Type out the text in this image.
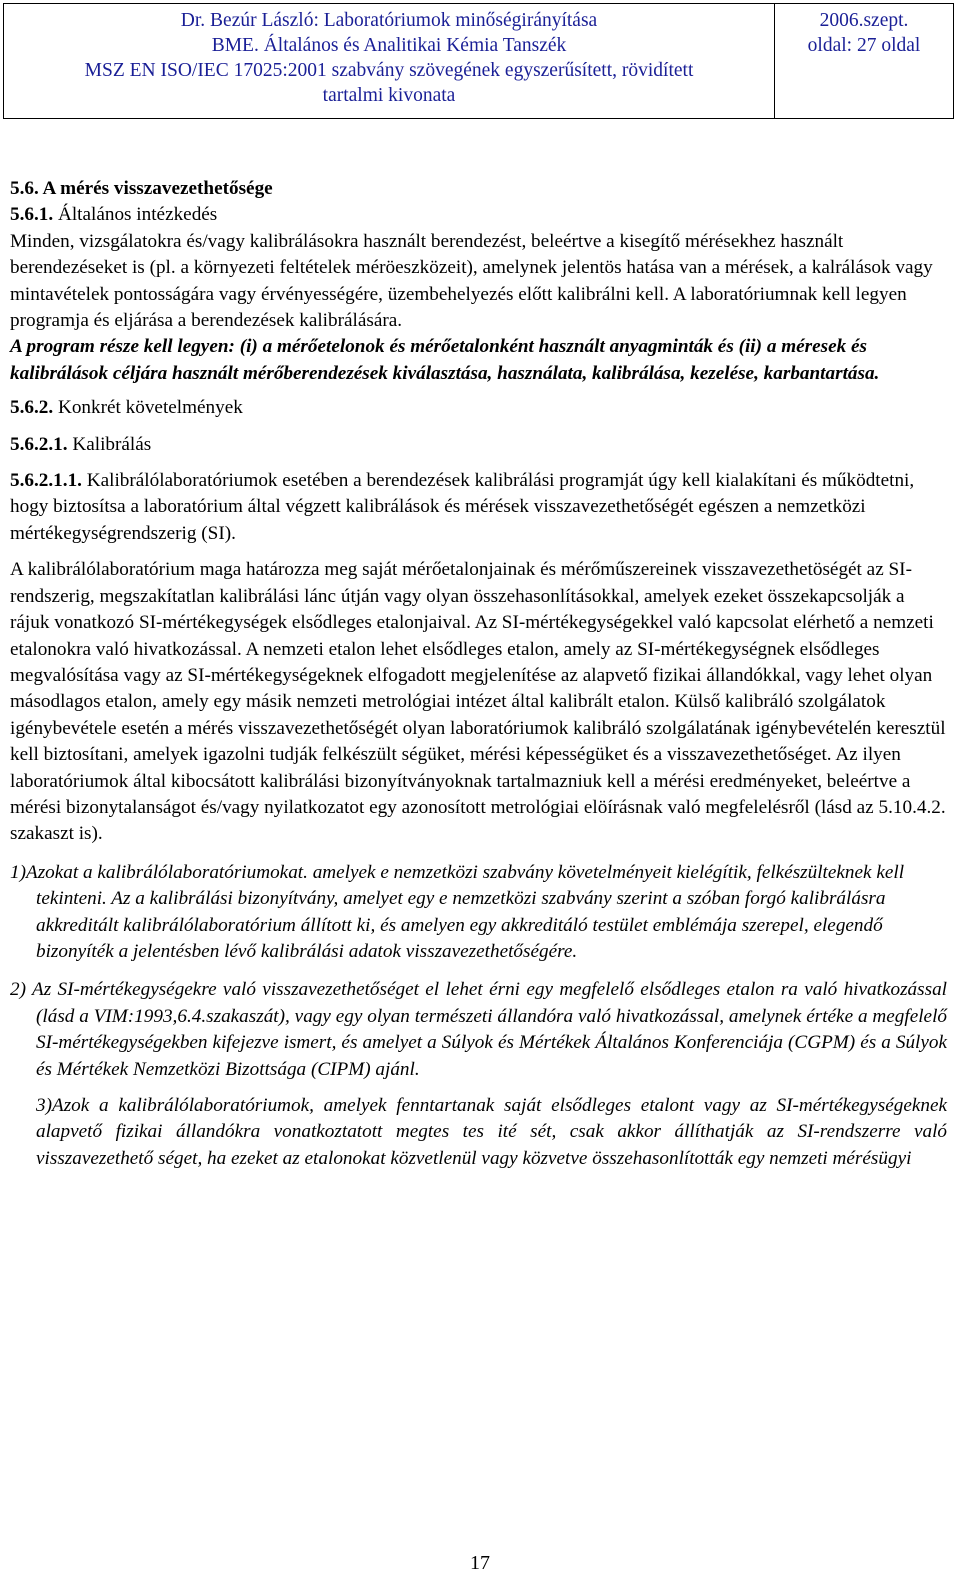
Dr. Bezúr László: Laboratóriumok minőségirányítása
BME. Általános és Analitikai Kémia Tanszék
MSZ EN ISO/IEC 17025:2001 szabvány szövegének egyszerűsített, rövidített
tartalmi kivonata
2006.szept.
oldal: 27 oldal

5.6. A mérés visszavezethetősége

5.6.1. Általános intézkedés

Minden, vizsgálatokra és/vagy kalibrálásokra használt berendezést, beleértve a kisegítő mérésekhez használt berendezéseket is (pl. a környezeti feltételek méröeszközeit), amelynek jelentös hatása van a mérések, a kalrálások vagy mintavételek pontosságára vagy érvényességére, üzembehelyezés előtt kalibrálni kell. A laboratóriumnak kell legyen programja és eljárása a berendezések kalibrálására.

A program része kell legyen: (i) a mérőetelonok és mérőetalonként használt anyagminták és (ii) a méresek és kalibrálások céljára használt mérőberendezések kiválasztása, használata, kalibrálása, kezelése, karbantartása.

5.6.2. Konkrét követelmények

5.6.2.1. Kalibrálás

5.6.2.1.1. Kalibrálólaboratóriumok esetében a berendezések kalibrálási programját úgy kell kialakítani és működtetni, hogy biztosítsa a laboratórium által végzett kalibrálások és mérések visszavezethetőségét egészen a nemzetközi mértékegységrendszerig (SI).

A kalibrálólaboratórium maga határozza meg saját mérőetalonjainak és mérőműszereinek visszavezethetöségét az SI-rendszerig, megszakítatlan kalibrálási lánc útján vagy olyan összehasonlításokkal, amelyek ezeket összekapcsolják a rájuk vonatkozó SI-mértékegységek elsődleges etalonjaival. Az SI-mértékegységekkel való kapcsolat elérhető a nemzeti etalonokra való hivatkozással. A nemzeti etalon lehet elsődleges etalon, amely az SI-mértékegységnek elsődleges megvalósítása vagy az SI-mértékegységeknek elfogadott megjelenítése az alapvető fizikai állandókkal, vagy lehet olyan másodlagos etalon, amely egy másik nemzeti metrológiai intézet által kalibrált etalon. Külső kalibráló szolgálatok igénybevétele esetén a mérés visszavezethetőségét olyan laboratóriumok kalibráló szolgálatának igénybevételén keresztül kell biztosítani, amelyek igazolni tudják felkészült ségüket, mérési képességüket és a visszavezethetőséget. Az ilyen laboratóriumok által kibocsátott kalibrálási bizonyítványoknak tartalmazniuk kell a mérési eredményeket, beleértve a mérési bizonytalanságot és/vagy nyilatkozatot egy azonosított metrológiai elöírásnak való megfelelésről (lásd az 5.10.4.2. szakaszt is).

1)Azokat a kalibrálólaboratóriumokat. amelyek e nemzetközi szabvány követelményeit kielégítik, felkészülteknek kell tekinteni. Az a kalibrálási bizonyítvány, amelyet egy e nemzetközi szabvány szerint a szóban forgó kalibrálásra akkreditált kalibrálólaboratórium állított ki, és amelyen egy akkreditáló testület emblémája szerepel, elegendő bizonyíték a jelentésben lévő kalibrálási adatok visszavezethetőségére.

2) Az SI-mértékegységekre való visszavezethetőséget el lehet érni egy megfelelő elsődleges etalon ra való hivatkozással (lásd a VIM:1993,6.4.szakaszát), vagy egy olyan természeti állandóra való hivatkozással, amelynek értéke a megfelelő SI-mértékegységekben kifejezve ismert, és amelyet a Súlyok és Mértékek Általános Konferenciája (CGPM) és a Súlyok és Mértékek Nemzetközi Bizottsága (CIPM) ajánl.

3)Azok a kalibrálólaboratóriumok, amelyek fenntartanak saját elsődleges etalont vagy az SI-mértékegységeknek alapvető fizikai állandókra vonatkoztatott megtes tes ité sét, csak akkor állíthatják az SI-rendszerre való visszavezethető séget, ha ezeket az etalonokat közvetlenül vagy közvetve összehasonlították egy nemzeti mérésügyi

17
